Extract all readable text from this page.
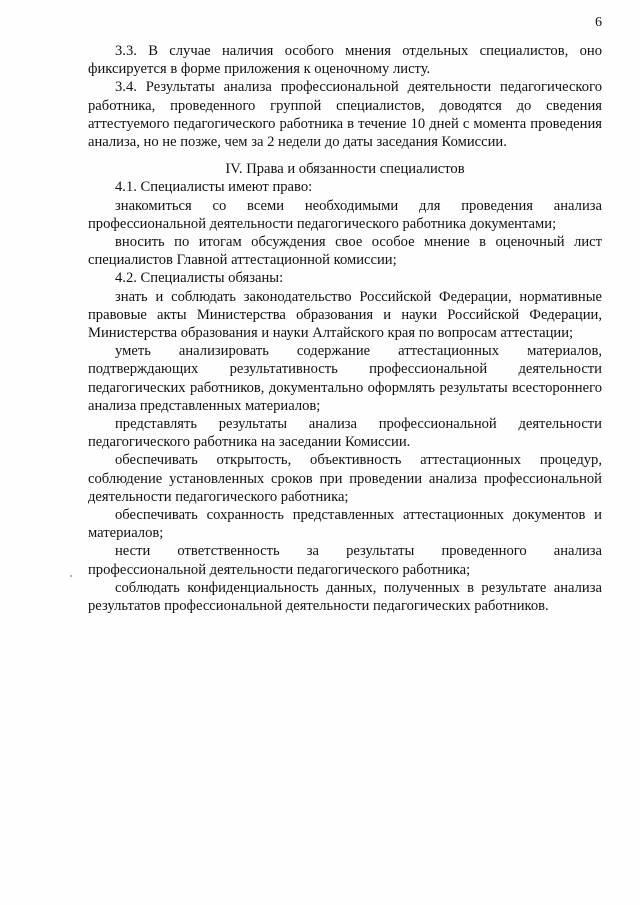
6

3.3. В случае наличия особого мнения отдельных специалистов, оно фиксируется в форме приложения к оценочному листу.

3.4. Результаты анализа профессиональной деятельности педагогического работника, проведенного группой специалистов, доводятся до сведения аттестуемого педагогического работника в течение 10 дней с момента проведения анализа, но не позже, чем за 2 недели до даты заседания Комиссии.

IV. Права и обязанности специалистов

4.1. Специалисты имеют право:

знакомиться со всеми необходимыми для проведения анализа профессиональной деятельности педагогического работника документами;

вносить по итогам обсуждения свое особое мнение в оценочный лист специалистов Главной аттестационной комиссии;

4.2. Специалисты обязаны:

знать и соблюдать законодательство Российской Федерации, нормативные правовые акты Министерства образования и науки Российской Федерации, Министерства образования и науки Алтайского края по вопросам аттестации;

уметь анализировать содержание аттестационных материалов, подтверждающих результативность профессиональной деятельности педагогических работников, документально оформлять результаты всестороннего анализа представленных материалов;

представлять результаты анализа профессиональной деятельности педагогического работника на заседании Комиссии.

обеспечивать открытость, объективность аттестационных процедур, соблюдение установленных сроков при проведении анализа профессиональной деятельности педагогического работника;

обеспечивать сохранность представленных аттестационных документов и материалов;

нести ответственность за результаты проведенного анализа профессиональной деятельности педагогического работника;

соблюдать конфиденциальность данных, полученных в результате анализа результатов профессиональной деятельности педагогических работников.
